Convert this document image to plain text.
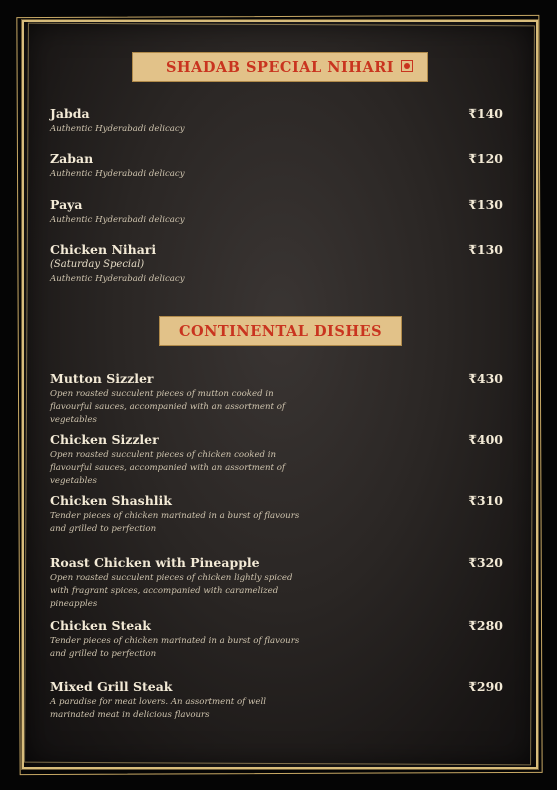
SHADAB SPECIAL NIHARI
Jabda
Authentic Hyderabadi delicacy
₹140
Zaban
Authentic Hyderabadi delicacy
₹120
Paya
Authentic Hyderabadi delicacy
₹130
Chicken Nihari
(Saturday Special)
Authentic Hyderabadi delicacy
₹130
CONTINENTAL DISHES
Mutton Sizzler
Open roasted succulent pieces of mutton cooked in flavourful sauces, accompanied with an assortment of vegetables
₹430
Chicken Sizzler
Open roasted succulent pieces of chicken cooked in flavourful sauces, accompanied with an assortment of vegetables
₹400
Chicken Shashlik
Tender pieces of chicken marinated in a burst of flavours and grilled to perfection
₹310
Roast Chicken with Pineapple
Open roasted succulent pieces of chicken lightly spiced with fragrant spices, accompanied with caramelized pineapples
₹320
Chicken Steak
Tender pieces of chicken marinated in a burst of flavours and grilled to perfection
₹280
Mixed Grill Steak
A paradise for meat lovers. An assortment of well marinated meat in delicious flavours
₹290
